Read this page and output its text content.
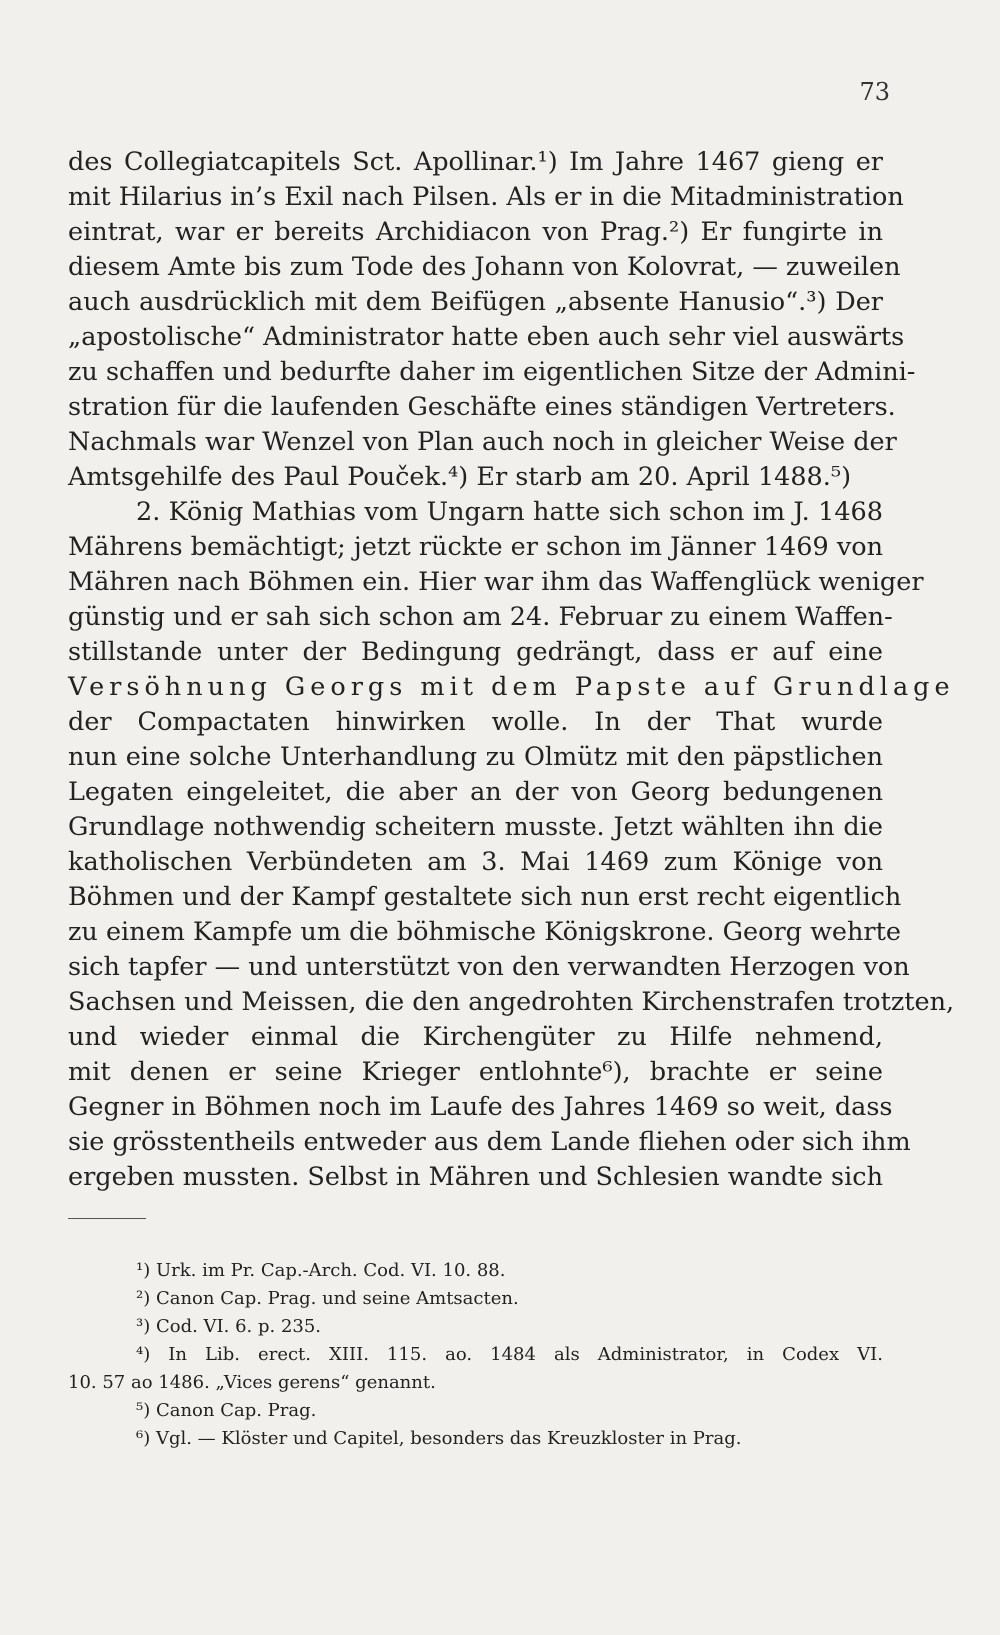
73
des Collegiatcapitels Sct. Apollinar.¹) Im Jahre 1467 gieng er
mit Hilarius in’s Exil nach Pilsen. Als er in die Mitadministration
eintrat, war er bereits Archidiacon von Prag.²) Er fungirte in
diesem Amte bis zum Tode des Johann von Kolovrat, — zuweilen
auch ausdrücklich mit dem Beifügen „absente Hanusio“.³) Der
„apostolische“ Administrator hatte eben auch sehr viel auswärts
zu schaffen und bedurfte daher im eigentlichen Sitze der Admini-
stration für die laufenden Geschäfte eines ständigen Vertreters.
Nachmals war Wenzel von Plan auch noch in gleicher Weise der
Amtsgehilfe des Paul Pouček.⁴) Er starb am 20. April 1488.⁵)
2. König Mathias vom Ungarn hatte sich schon im J. 1468
Mährens bemächtigt; jetzt rückte er schon im Jänner 1469 von
Mähren nach Böhmen ein. Hier war ihm das Waffenglück weniger
günstig und er sah sich schon am 24. Februar zu einem Waffen-
stillstande unter der Bedingung gedrängt, dass er auf eine
Versöhnung Georgs mit dem Papste auf Grundlage
der Compactaten hinwirken wolle. In der That wurde
nun eine solche Unterhandlung zu Olmütz mit den päpstlichen
Legaten eingeleitet, die aber an der von Georg bedungenen
Grundlage nothwendig scheitern musste. Jetzt wählten ihn die
katholischen Verbündeten am 3. Mai 1469 zum Könige von
Böhmen und der Kampf gestaltete sich nun erst recht eigentlich
zu einem Kampfe um die böhmische Königskrone. Georg wehrte
sich tapfer — und unterstützt von den verwandten Herzogen von
Sachsen und Meissen, die den angedrohten Kirchenstrafen trotzten,
und wieder einmal die Kirchengüter zu Hilfe nehmend,
mit denen er seine Krieger entlohnte⁶), brachte er seine
Gegner in Böhmen noch im Laufe des Jahres 1469 so weit, dass
sie grösstentheils entweder aus dem Lande fliehen oder sich ihm
ergeben mussten. Selbst in Mähren und Schlesien wandte sich
¹) Urk. im Pr. Cap.-Arch. Cod. VI. 10. 88.
²) Canon Cap. Prag. und seine Amtsacten.
³) Cod. VI. 6. p. 235.
⁴) In Lib. erect. XIII. 115. ao. 1484 als Administrator, in Codex VI.
10. 57 ao 1486. „Vices gerens“ genannt.
⁵) Canon Cap. Prag.
⁶) Vgl. — Klöster und Capitel, besonders das Kreuzkloster in Prag.
